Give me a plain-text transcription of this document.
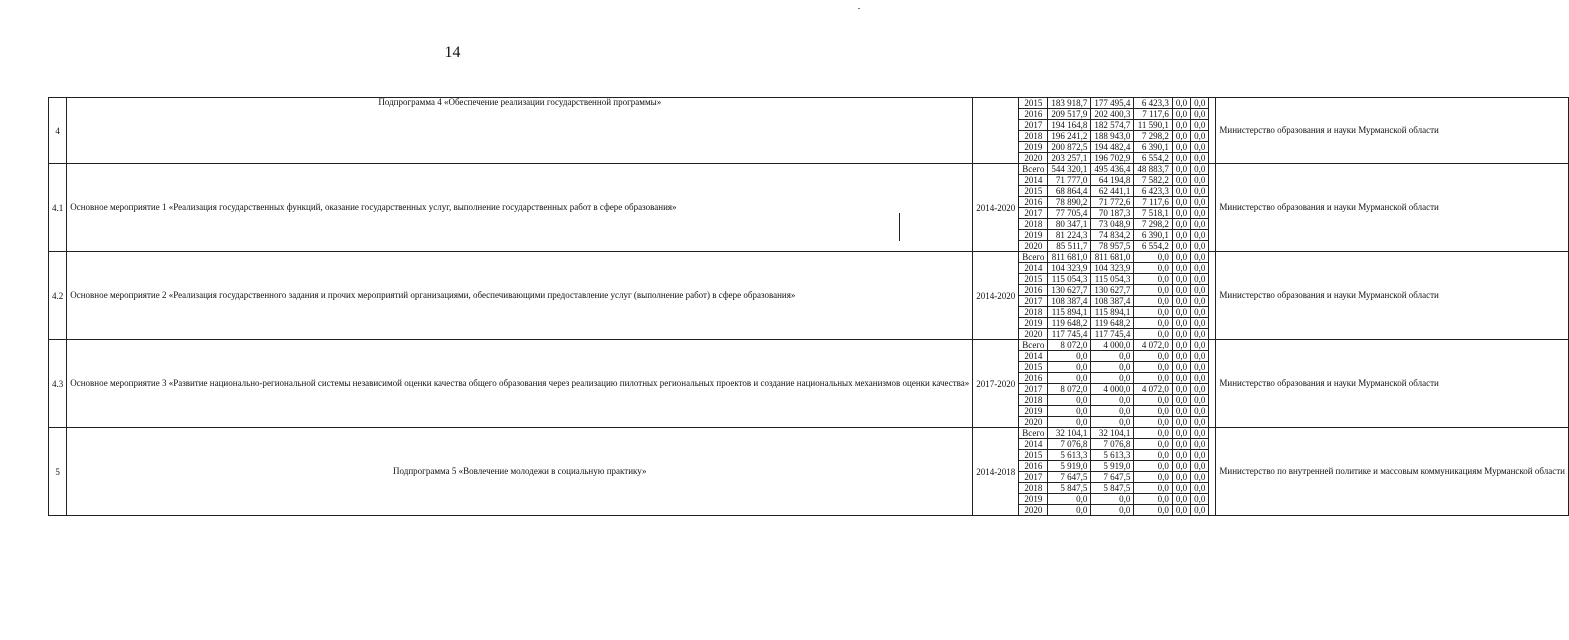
14
4	Подпрограмма 4 «Обеспечение реализации государственной программы»		2015	183 918,7	177 495,4	6 423,3	0,0	0,0		Министерство образования и науки Мурманской области
			2016	209 517,9	202 400,3	7 117,6	0,0	0,0		
			2017	194 164,8	182 574,7	11 590,1	0,0	0,0		
			2018	196 241,2	188 943,0	7 298,2	0,0	0,0		
			2019	200 872,5	194 482,4	6 390,1	0,0	0,0		
			2020	203 257,1	196 702,9	6 554,2	0,0	0,0		
4.1	Основное мероприятие 1 «Реализация государственных функций, оказание государственных услуг, выполнение государственных работ в сфере образования»	2014-2020	Всего	544 320,1	495 436,4	48 883,7	0,0	0,0		Министерство образования и науки Мурманской области
			2014	71 777,0	64 194,8	7 582,2	0,0	0,0		
			2015	68 864,4	62 441,1	6 423,3	0,0	0,0		
			2016	78 890,2	71 772,6	7 117,6	0,0	0,0		
			2017	77 705,4	70 187,3	7 518,1	0,0	0,0		
			2018	80 347,1	73 048,9	7 298,2	0,0	0,0		
			2019	81 224,3	74 834,2	6 390,1	0,0	0,0		
			2020	85 511,7	78 957,5	6 554,2	0,0	0,0		
4.2	Основное мероприятие 2 «Реализация государственного задания и прочих мероприятий организациями, обеспечивающими предоставление услуг (выполнение работ) в сфере образования»	2014-2020	Всего	811 681,0	811 681,0	0,0	0,0	0,0		Министерство образования и науки Мурманской области
			2014	104 323,9	104 323,9	0,0	0,0	0,0		
			2015	115 054,3	115 054,3	0,0	0,0	0,0		
			2016	130 627,7	130 627,7	0,0	0,0	0,0		
			2017	108 387,4	108 387,4	0,0	0,0	0,0		
			2018	115 894,1	115 894,1	0,0	0,0	0,0		
			2019	119 648,2	119 648,2	0,0	0,0	0,0		
			2020	117 745,4	117 745,4	0,0	0,0	0,0		
4.3	Основное мероприятие 3 «Развитие национально-региональной системы независимой оценки качества общего образования через реализацию пилотных региональных проектов и создание национальных механизмов оценки качества»	2017-2020	Всего	8 072,0	4 000,0	4 072,0	0,0	0,0		Министерство образования и науки Мурманской области
			2014	0,0	0,0	0,0	0,0	0,0		
			2015	0,0	0,0	0,0	0,0	0,0		
			2016	0,0	0,0	0,0	0,0	0,0		
			2017	8 072,0	4 000,0	4 072,0	0,0	0,0		
			2018	0,0	0,0	0,0	0,0	0,0		
			2019	0,0	0,0	0,0	0,0	0,0		
			2020	0,0	0,0	0,0	0,0	0,0		
5	Подпрограмма 5 «Вовлечение молодежи в социальную практику»	2014-2018	Всего	32 104,1	32 104,1	0,0	0,0	0,0		Министерство по внутренней политике и массовым коммуникациям Мурманской области
			2014	7 076,8	7 076,8	0,0	0,0	0,0		
			2015	5 613,3	5 613,3	0,0	0,0	0,0		
			2016	5 919,0	5 919,0	0,0	0,0	0,0		
			2017	7 647,5	7 647,5	0,0	0,0	0,0		
			2018	5 847,5	5 847,5	0,0	0,0	0,0		
			2019	0,0	0,0	0,0	0,0	0,0		
			2020	0,0	0,0	0,0	0,0	0,0		
